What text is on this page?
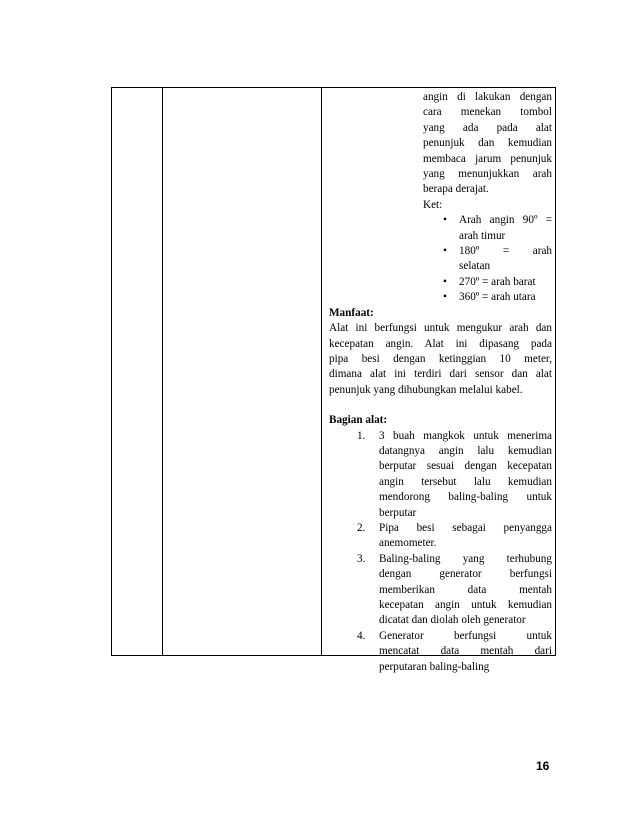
angin di lakukan dengan
cara menekan tombol
yang ada pada alat
penunjuk dan kemudian
membaca jarum penunjuk
yang menunjukkan arah
berapa derajat.
Ket:
• Arah angin 90º =
arah timur
• 180º = arah
selatan
• 270º = arah barat
• 360º = arah utara
Manfaat:
Alat ini berfungsi untuk mengukur arah dan
kecepatan angin. Alat ini dipasang pada
pipa besi dengan ketinggian 10 meter,
dimana alat ini terdiri dari sensor dan alat
penunjuk yang dihubungkan melalui kabel.
Bagian alat:
1. 3 buah mangkok untuk menerima
datangnya angin lalu kemudian
berputar sesuai dengan kecepatan
angin tersebut lalu kemudian
mendorong baling-baling untuk
berputar
2. Pipa besi sebagai penyangga
anemometer.
3. Baling-baling yang terhubung
dengan generator berfungsi
memberikan data mentah
kecepatan angin untuk kemudian
dicatat dan diolah oleh generator
4. Generator berfungsi untuk
mencatat data mentah dari
perputaran baling-baling
16
